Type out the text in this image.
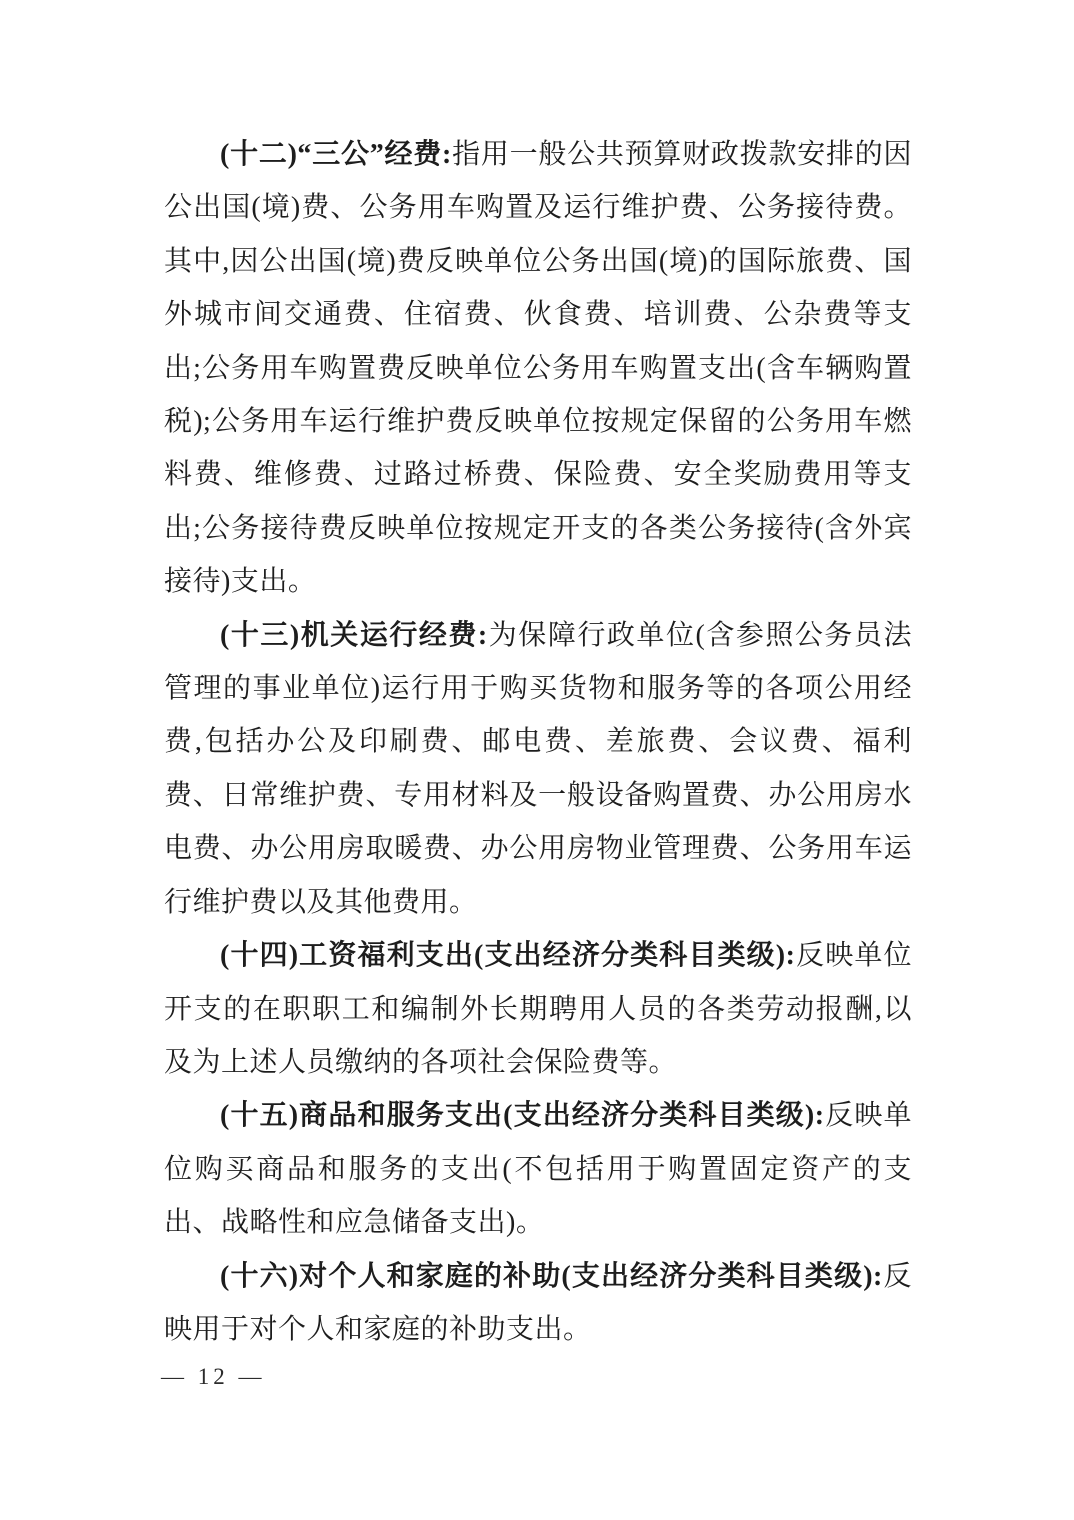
(十二)“三公”经费:指用一般公共预算财政拨款安排的因公出国(境)费、公务用车购置及运行维护费、公务接待费。其中,因公出国(境)费反映单位公务出国(境)的国际旅费、国外城市间交通费、住宿费、伙食费、培训费、公杂费等支出;公务用车购置费反映单位公务用车购置支出(含车辆购置税);公务用车运行维护费反映单位按规定保留的公务用车燃料费、维修费、过路过桥费、保险费、安全奖励费用等支出;公务接待费反映单位按规定开支的各类公务接待(含外宾接待)支出。

(十三)机关运行经费:为保障行政单位(含参照公务员法管理的事业单位)运行用于购买货物和服务等的各项公用经费,包括办公及印刷费、邮电费、差旅费、会议费、福利费、日常维护费、专用材料及一般设备购置费、办公用房水电费、办公用房取暖费、办公用房物业管理费、公务用车运行维护费以及其他费用。

(十四)工资福利支出(支出经济分类科目类级):反映单位开支的在职职工和编制外长期聘用人员的各类劳动报酬,以及为上述人员缴纳的各项社会保险费等。

(十五)商品和服务支出(支出经济分类科目类级):反映单位购买商品和服务的支出(不包括用于购置固定资产的支出、战略性和应急储备支出)。

(十六)对个人和家庭的补助(支出经济分类科目类级):反映用于对个人和家庭的补助支出。

— 12 —
